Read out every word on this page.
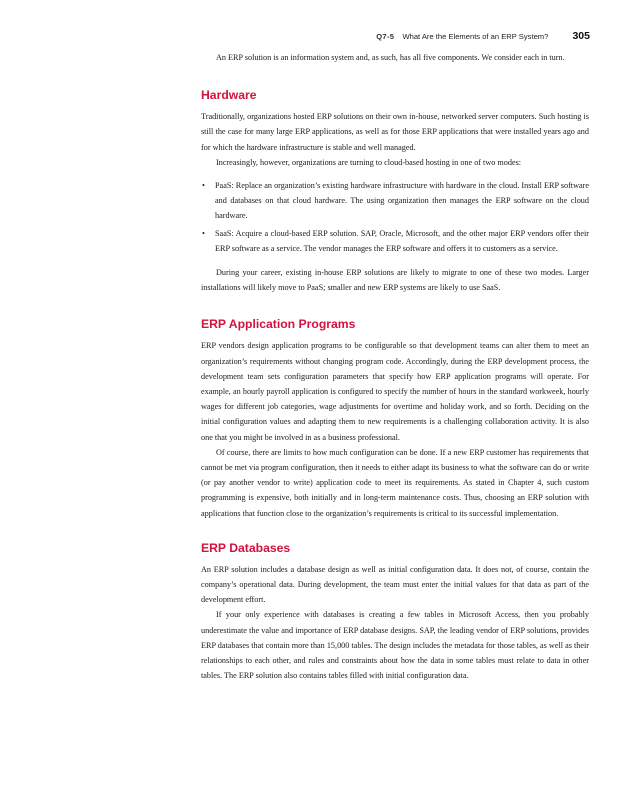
Q7-5 What Are the Elements of an ERP System? 305

An ERP solution is an information system and, as such, has all five components. We consider each in turn.

Hardware

Traditionally, organizations hosted ERP solutions on their own in-house, networked server computers. Such hosting is still the case for many large ERP applications, as well as for those ERP applications that were installed years ago and for which the hardware infrastructure is stable and well managed.

Increasingly, however, organizations are turning to cloud-based hosting in one of two modes:

• PaaS: Replace an organization’s existing hardware infrastructure with hardware in the cloud. Install ERP software and databases on that cloud hardware. The using organization then manages the ERP software on the cloud hardware.
• SaaS: Acquire a cloud-based ERP solution. SAP, Oracle, Microsoft, and the other major ERP vendors offer their ERP software as a service. The vendor manages the ERP software and offers it to customers as a service.

During your career, existing in-house ERP solutions are likely to migrate to one of these two modes. Larger installations will likely move to PaaS; smaller and new ERP systems are likely to use SaaS.

ERP Application Programs

ERP vendors design application programs to be configurable so that development teams can alter them to meet an organization’s requirements without changing program code. Accordingly, during the ERP development process, the development team sets configuration parameters that specify how ERP application programs will operate. For example, an hourly payroll application is configured to specify the number of hours in the standard workweek, hourly wages for different job categories, wage adjustments for overtime and holiday work, and so forth. Deciding on the initial configuration values and adapting them to new requirements is a challenging collaboration activity. It is also one that you might be involved in as a business professional.

Of course, there are limits to how much configuration can be done. If a new ERP customer has requirements that cannot be met via program configuration, then it needs to either adapt its business to what the software can do or write (or pay another vendor to write) application code to meet its requirements. As stated in Chapter 4, such custom programming is expensive, both initially and in long-term maintenance costs. Thus, choosing an ERP solution with applications that function close to the organization’s requirements is critical to its successful implementation.

ERP Databases

An ERP solution includes a database design as well as initial configuration data. It does not, of course, contain the company’s operational data. During development, the team must enter the initial values for that data as part of the development effort.

If your only experience with databases is creating a few tables in Microsoft Access, then you probably underestimate the value and importance of ERP database designs. SAP, the leading vendor of ERP solutions, provides ERP databases that contain more than 15,000 tables. The design includes the metadata for those tables, as well as their relationships to each other, and rules and constraints about how the data in some tables must relate to data in other tables. The ERP solution also contains tables filled with initial configuration data.
